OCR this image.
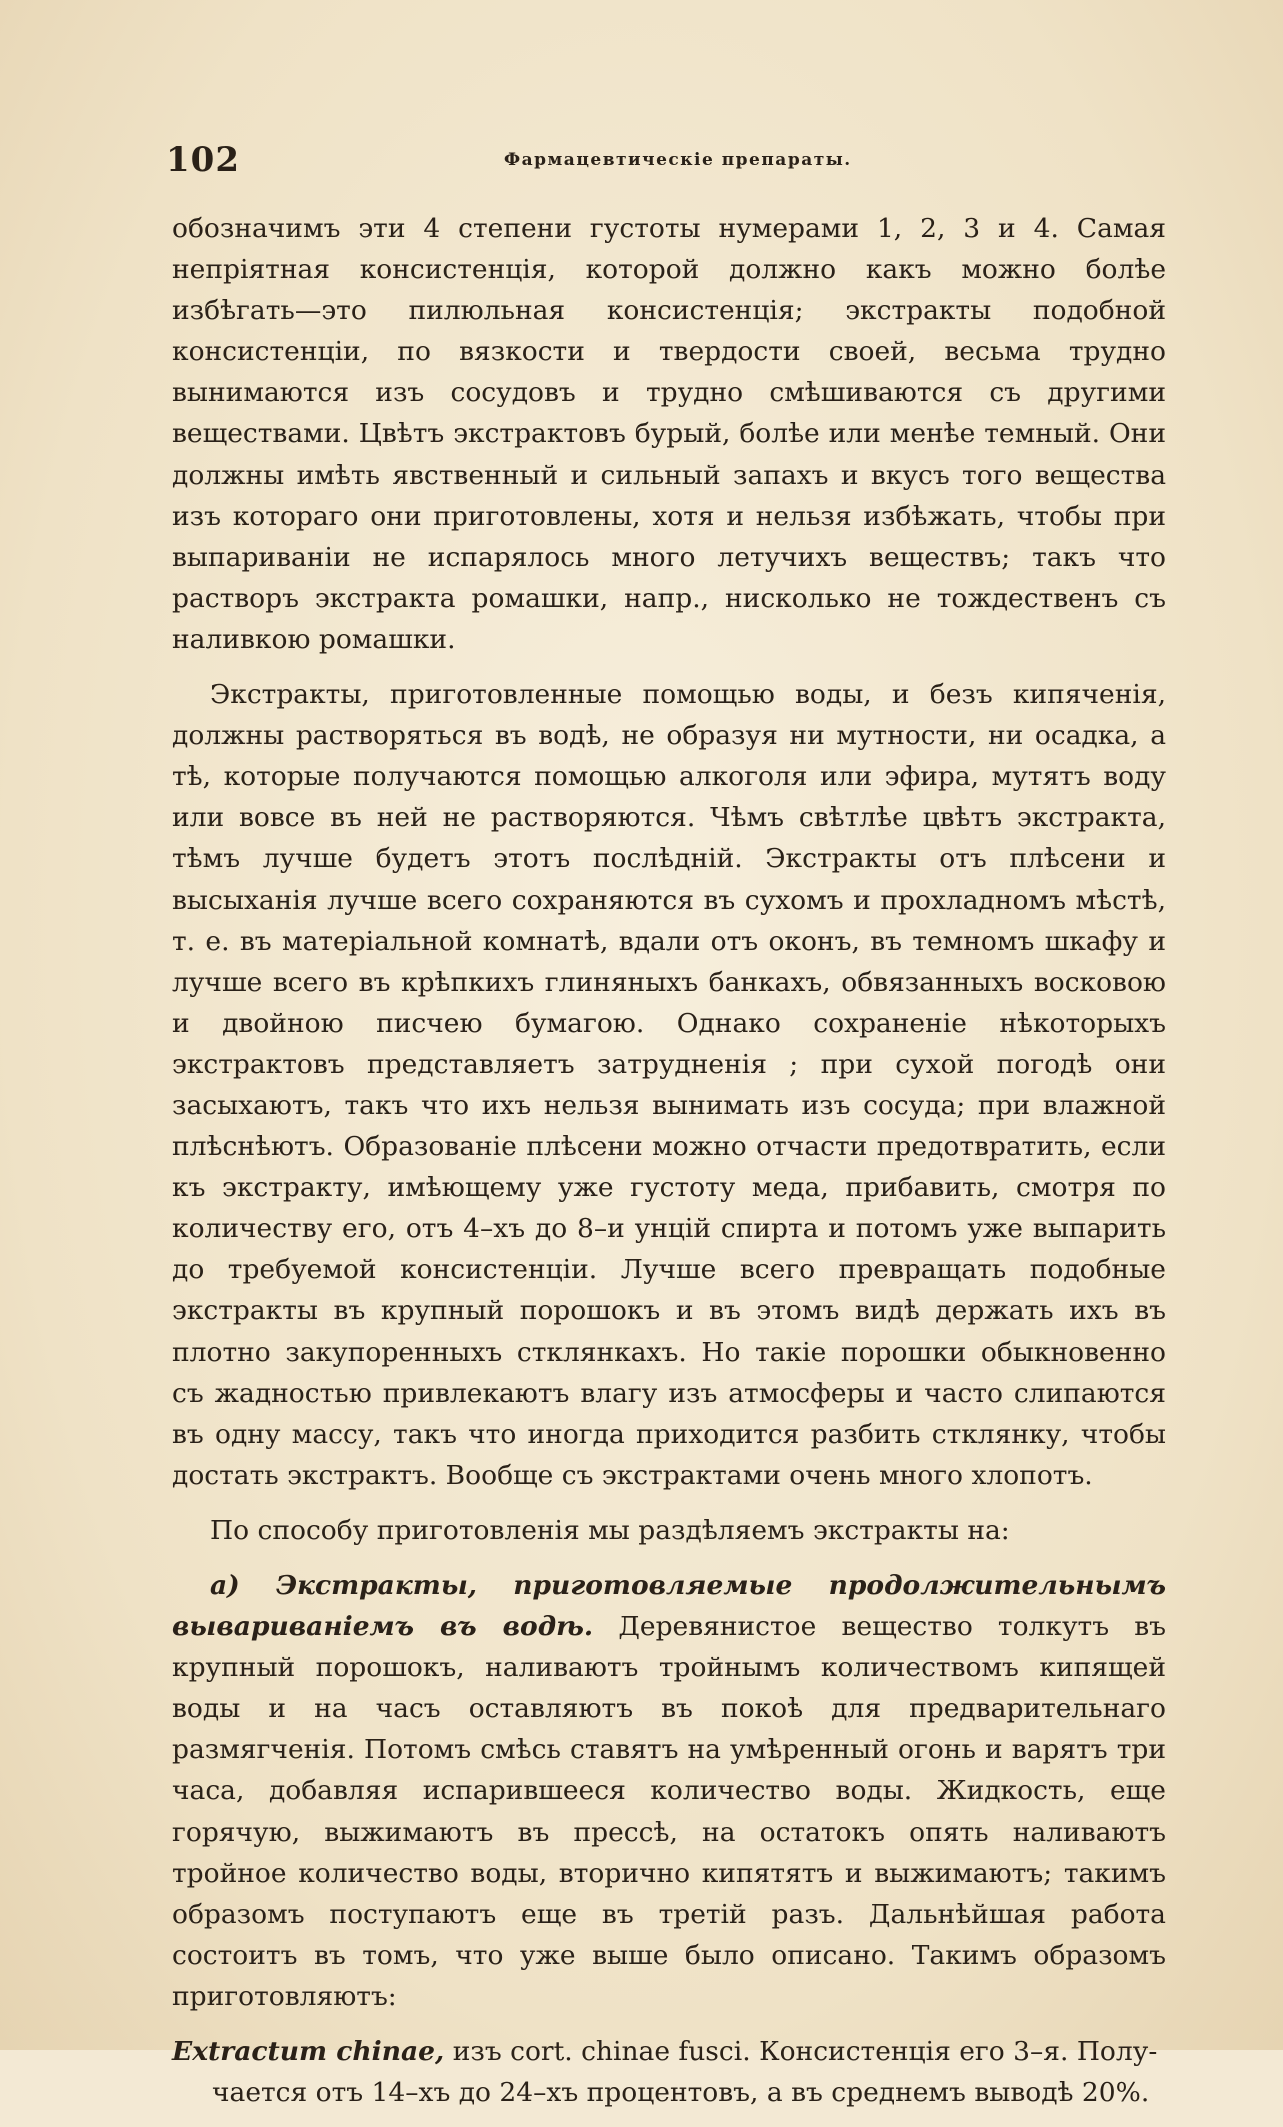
102	Фармацевтическіе препараты.

обозначимъ эти 4 степени густоты нумерами 1, 2, 3 и 4. Самая непріятная консистенція, которой должно какъ можно болѣе избѣгать—это пилюльная консистенція; экстракты подобной консистенціи, по вязкости и твердости своей, весьма трудно вынимаются изъ сосудовъ и трудно смѣшиваются съ другими веществами. Цвѣтъ экстрактовъ бурый, болѣе или менѣе темный. Они должны имѣть явственный и сильный запахъ и вкусъ того вещества изъ котораго они приготовлены, хотя и нельзя избѣжать, чтобы при выпариваніи не испарялось много летучихъ веществъ; такъ что растворъ экстракта ромашки, напр., нисколько не тождественъ съ наливкою ромашки.

Экстракты, приготовленные помощью воды, и безъ кипяченія, должны растворяться въ водѣ, не образуя ни мутности, ни осадка, а тѣ, которые получаются помощью алкоголя или эфира, мутятъ воду или вовсе въ ней не растворяются. Чѣмъ свѣтлѣе цвѣтъ экстракта, тѣмъ лучше будетъ этотъ послѣдній. Экстракты отъ плѣсени и высыханія лучше всего сохраняются въ сухомъ и прохладномъ мѣстѣ, т. е. въ матеріальной комнатѣ, вдали отъ оконъ, въ темномъ шкафу и лучше всего въ крѣпкихъ глиняныхъ банкахъ, обвязанныхъ восковою и двойною писчею бумагою. Однако сохраненіе нѣкоторыхъ экстрактовъ представляетъ затрудненія ; при сухой погодѣ они засыхаютъ, такъ что ихъ нельзя вынимать изъ сосуда; при влажной плѣснѣютъ. Образованіе плѣсени можно отчасти предотвратить, если къ экстракту, имѣющему уже густоту меда, прибавить, смотря по количеству его, отъ 4–хъ до 8–и унцій спирта и потомъ уже выпарить до требуемой консистенціи. Лучше всего превращать подобные экстракты въ крупный порошокъ и въ этомъ видѣ держать ихъ въ плотно закупоренныхъ стклянкахъ. Но такіе порошки обыкновенно съ жадностью привлекаютъ влагу изъ атмосферы и часто слипаются въ одну массу, такъ что иногда приходится разбить стклянку, чтобы достать экстрактъ. Вообще съ экстрактами очень много хлопотъ.

По способу приготовленія мы раздѣляемъ экстракты на:

a) Экстракты, приготовляемые продолжительнымъ вывариваніемъ въ водѣ. Деревянистое вещество толкутъ въ крупный порошокъ, наливаютъ тройнымъ количествомъ кипящей воды и на часъ оставляютъ въ покоѣ для предварительнаго размягченія. Потомъ смѣсь ставятъ на умѣренный огонь и варятъ три часа, добавляя испарившееся количество воды. Жидкость, еще горячую, выжимаютъ въ прессѣ, на остатокъ опять наливаютъ тройное количество воды, вторично кипятятъ и выжимаютъ; такимъ образомъ поступаютъ еще въ третій разъ. Дальнѣйшая работа состоитъ въ томъ, что уже выше было описано. Такимъ образомъ приготовляютъ:

Extractum chinae, изъ cort. chinae fusci. Консистенція его 3–я. Полу-
чается отъ 14–хъ до 24–хъ процентовъ, а въ среднемъ выводѣ 20%.
